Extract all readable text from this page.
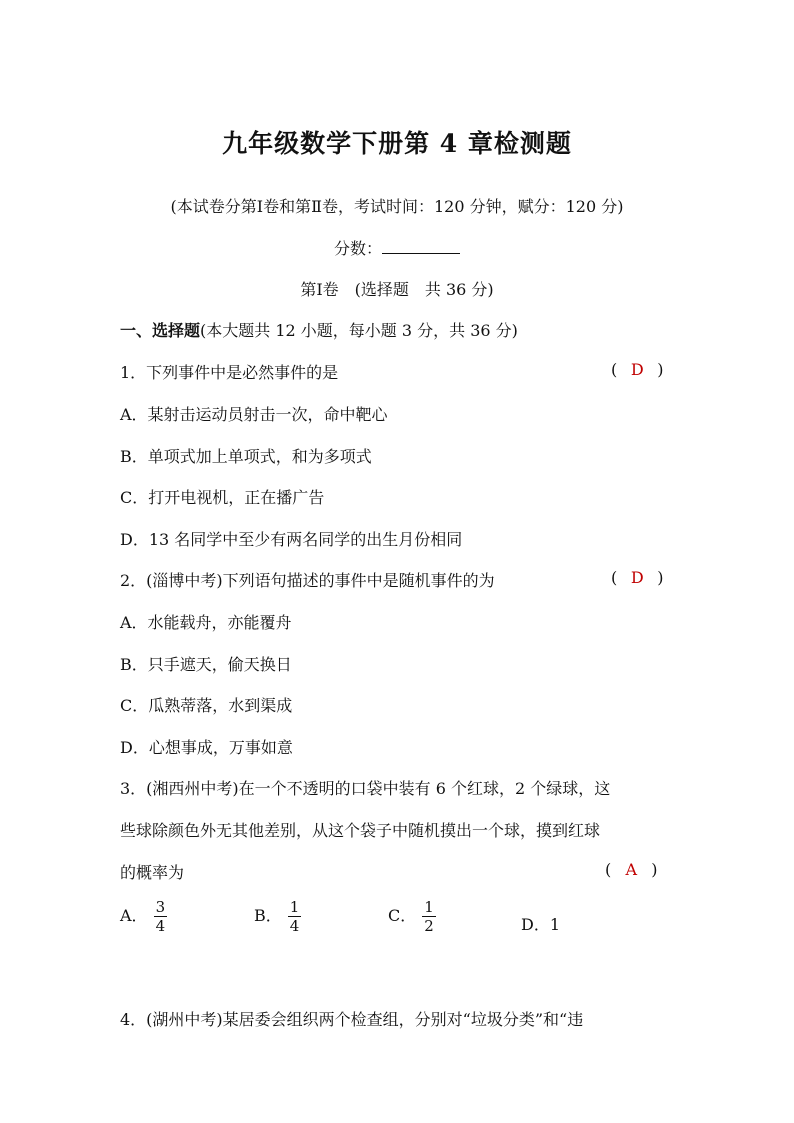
九年级数学下册第 4 章检测题
(本试卷分第Ⅰ卷和第Ⅱ卷，考试时间：120 分钟，赋分：120 分)
分数：
第Ⅰ卷　(选择题　共 36 分)
一、选择题(本大题共 12 小题，每小题 3 分，共 36 分)
1．下列事件中是必然事件的是	( D )
A．某射击运动员射击一次，命中靶心
B．单项式加上单项式，和为多项式
C．打开电视机，正在播广告
D．13 名同学中至少有两名同学的出生月份相同
2．(淄博中考)下列语句描述的事件中是随机事件的为	( D )
A．水能载舟，亦能覆舟
B．只手遮天，偷天换日
C．瓜熟蒂落，水到渠成
D．心想事成，万事如意
3．(湘西州中考)在一个不透明的口袋中装有 6 个红球，2 个绿球，这
些球除颜色外无其他差别，从这个袋子中随机摸出一个球，摸到红球
的概率为	( A )
A． $\frac{3}{4}$	B． $\frac{1}{4}$	C． $\frac{1}{2}$	D．1
4．(湖州中考)某居委会组织两个检查组，分别对“垃圾分类”和“违
